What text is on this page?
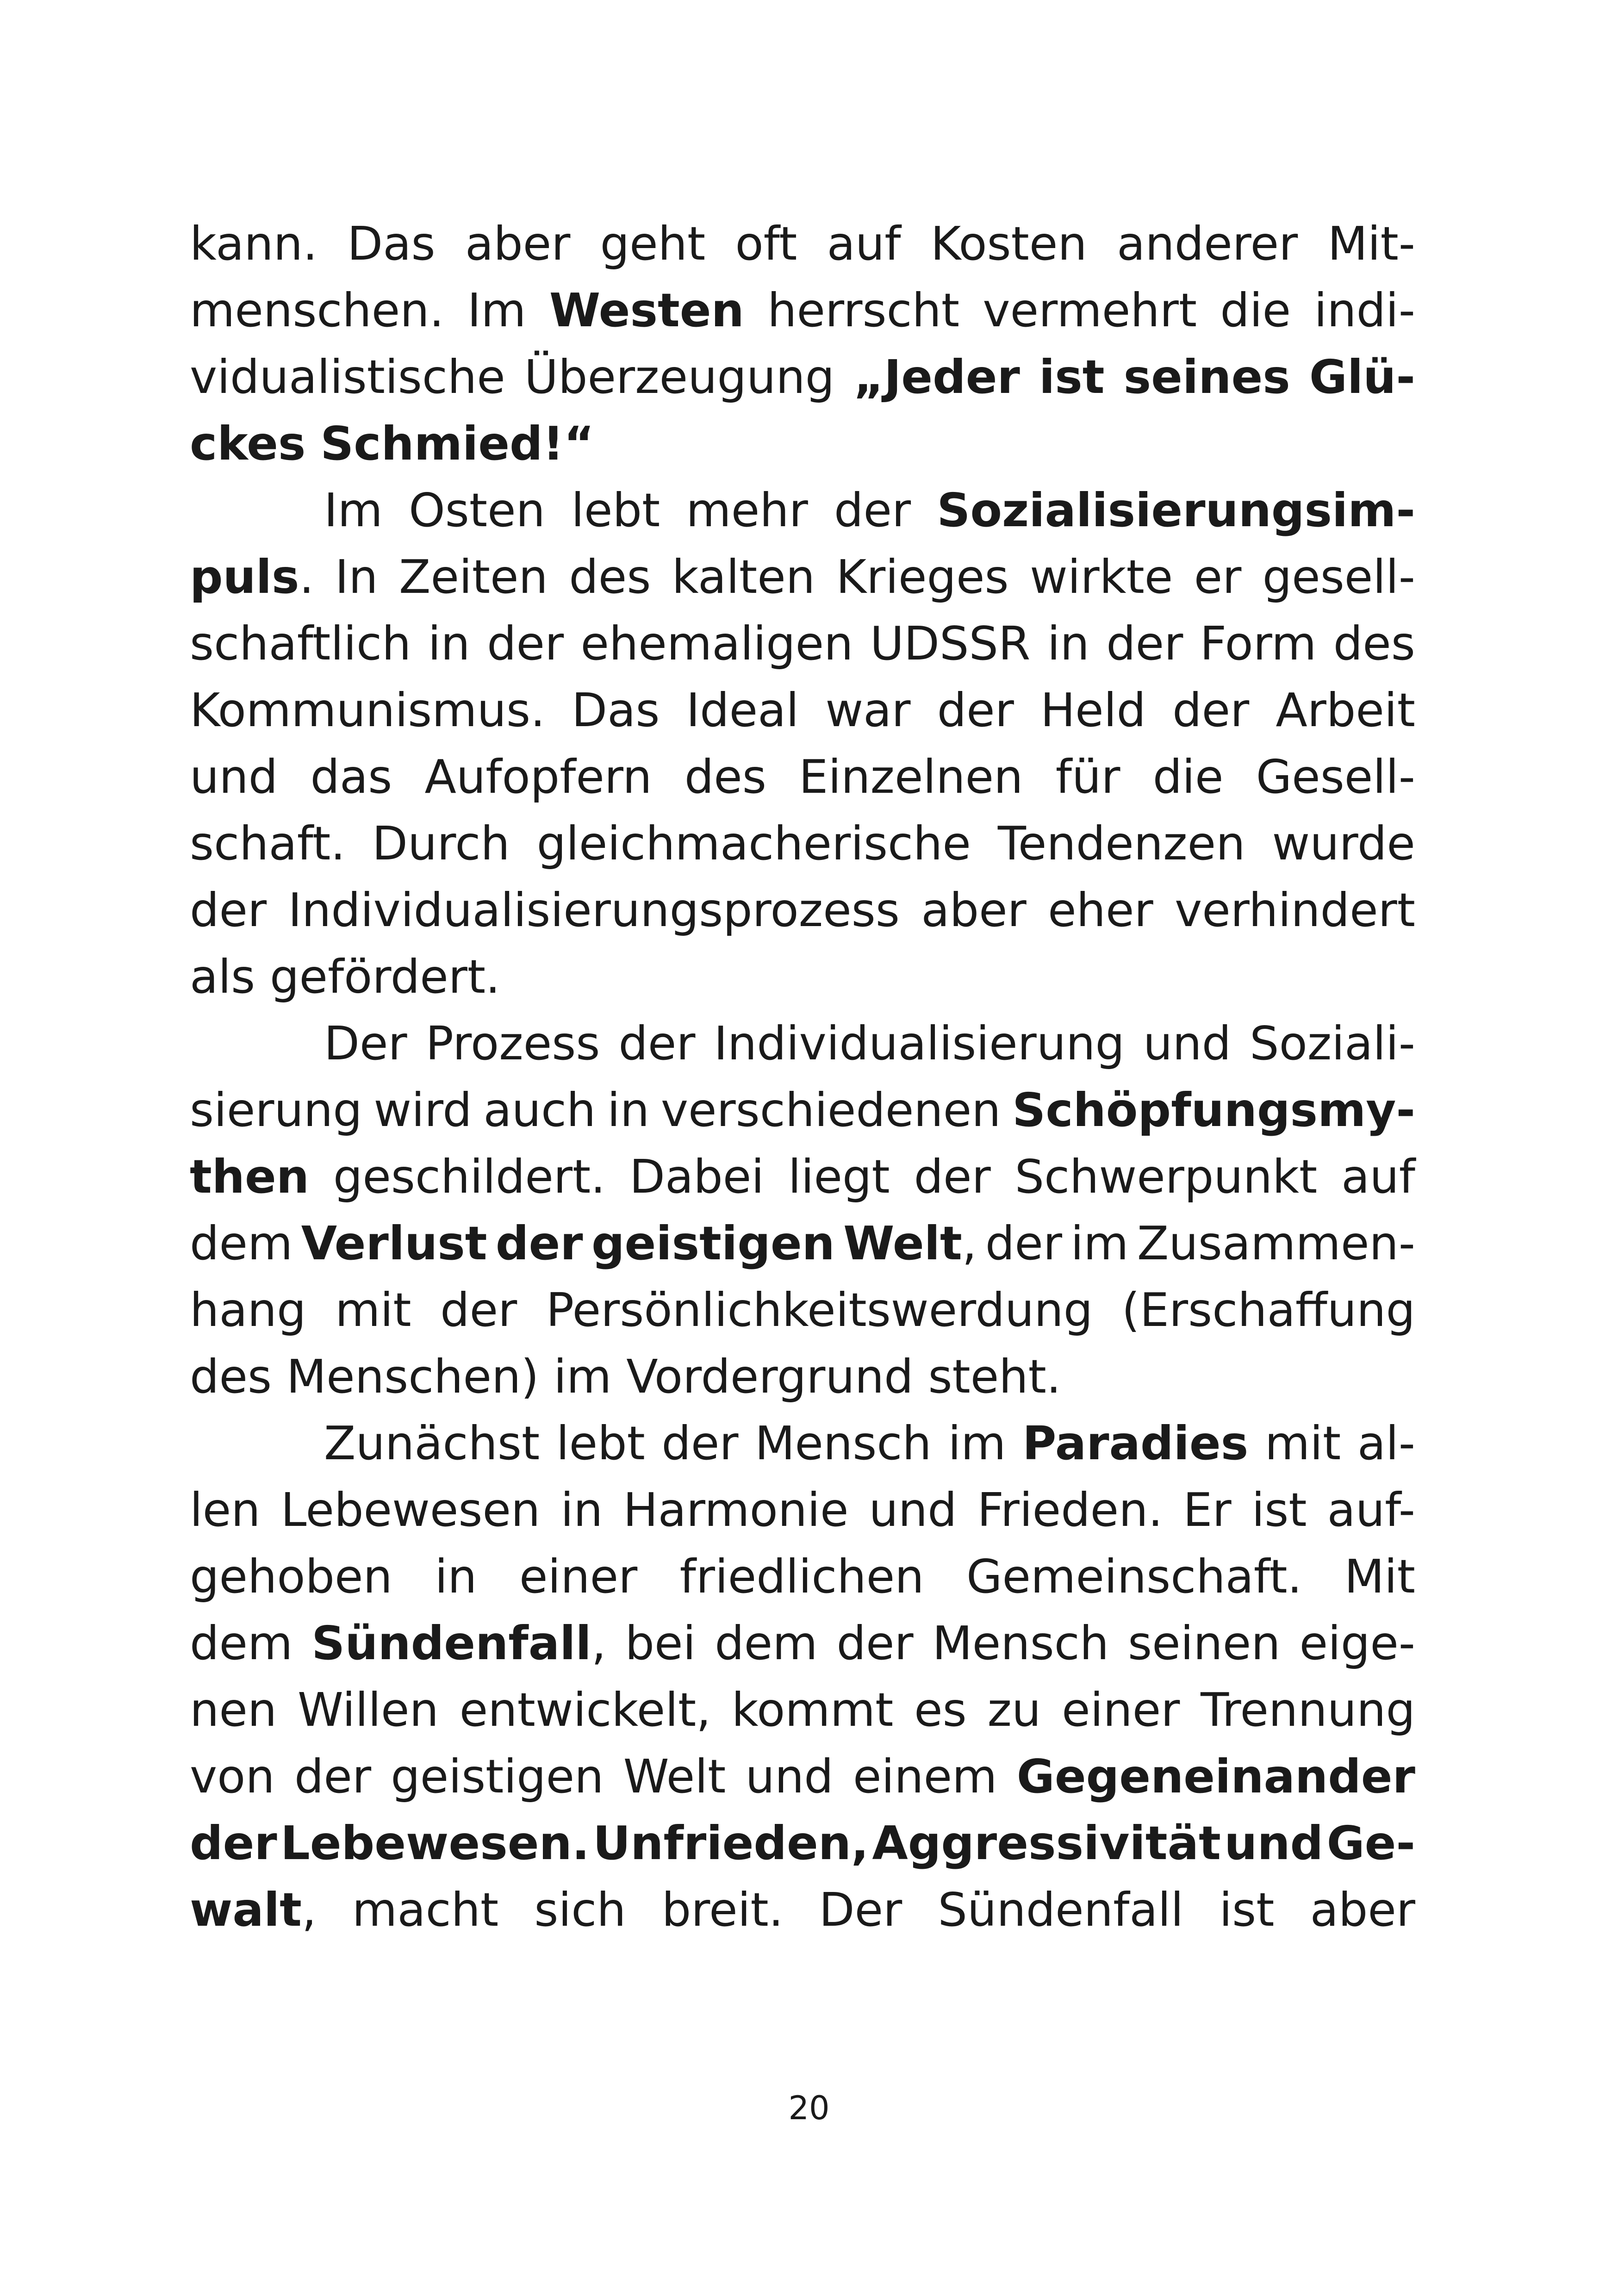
kann. Das aber geht oft auf Kosten anderer Mit-
menschen. Im Westen herrscht vermehrt die indi-
vidualistische Überzeugung „Jeder ist seines Glü-
ckes Schmied!“
Im Osten lebt mehr der Sozialisierungsim-
puls. In Zeiten des kalten Krieges wirkte er gesell-
schaftlich in der ehemaligen UDSSR in der Form des
Kommunismus. Das Ideal war der Held der Arbeit
und das Aufopfern des Einzelnen für die Gesell-
schaft. Durch gleichmacherische Tendenzen wurde
der Individualisierungsprozess aber eher verhindert
als gefördert.
Der Prozess der Individualisierung und Soziali-
sierung wird auch in verschiedenen Schöpfungsmy-
then geschildert. Dabei liegt der Schwerpunkt auf
dem Verlust der geistigen Welt, der im Zusammen-
hang mit der Persönlichkeitswerdung (Erschaffung
des Menschen) im Vordergrund steht.
Zunächst lebt der Mensch im Paradies mit al-
len Lebewesen in Harmonie und Frieden. Er ist auf-
gehoben in einer friedlichen Gemeinschaft. Mit
dem Sündenfall, bei dem der Mensch seinen eige-
nen Willen entwickelt, kommt es zu einer Trennung
von der geistigen Welt und einem Gegeneinander
der Lebewesen. Unfrieden, Aggressivität und Ge-
walt, macht sich breit. Der Sündenfall ist aber
20
